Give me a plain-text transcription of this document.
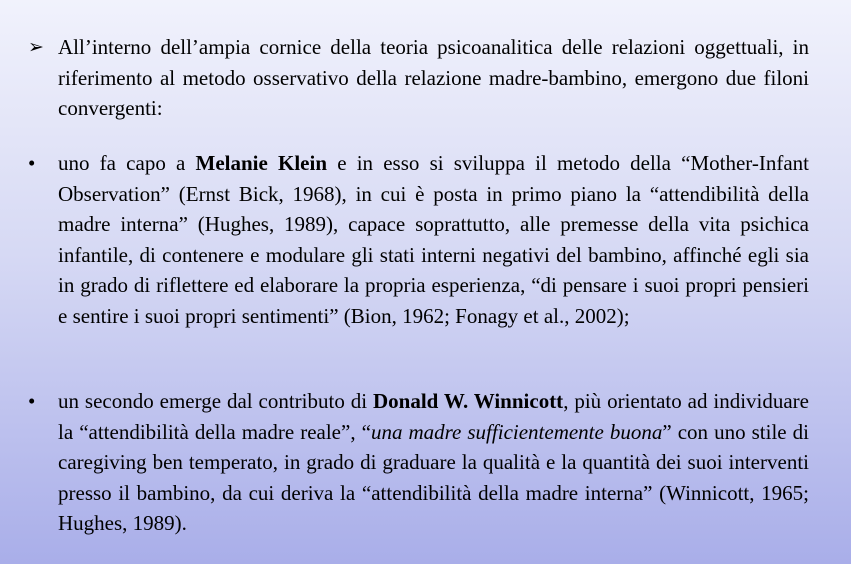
➢ All’interno dell’ampia cornice della teoria psicoanalitica delle relazioni oggettuali, in riferimento al metodo osservativo della relazione madre-bambino, emergono due filoni convergenti:
• uno fa capo a Melanie Klein e in esso si sviluppa il metodo della “Mother-Infant Observation” (Ernst Bick, 1968), in cui è posta in primo piano la “attendibilità della madre interna” (Hughes, 1989), capace soprattutto, alle premesse della vita psichica infantile, di contenere e modulare gli stati interni negativi del bambino, affinché egli sia in grado di riflettere ed elaborare la propria esperienza, “di pensare i suoi propri pensieri e sentire i suoi propri sentimenti” (Bion, 1962; Fonagy et al., 2002);
• un secondo emerge dal contributo di Donald W. Winnicott, più orientato ad individuare la “attendibilità della madre reale”, “una madre sufficientemente buona” con uno stile di caregiving ben temperato, in grado di graduare la qualità e la quantità dei suoi interventi presso il bambino, da cui deriva la “attendibilità della madre interna” (Winnicott, 1965; Hughes, 1989).
